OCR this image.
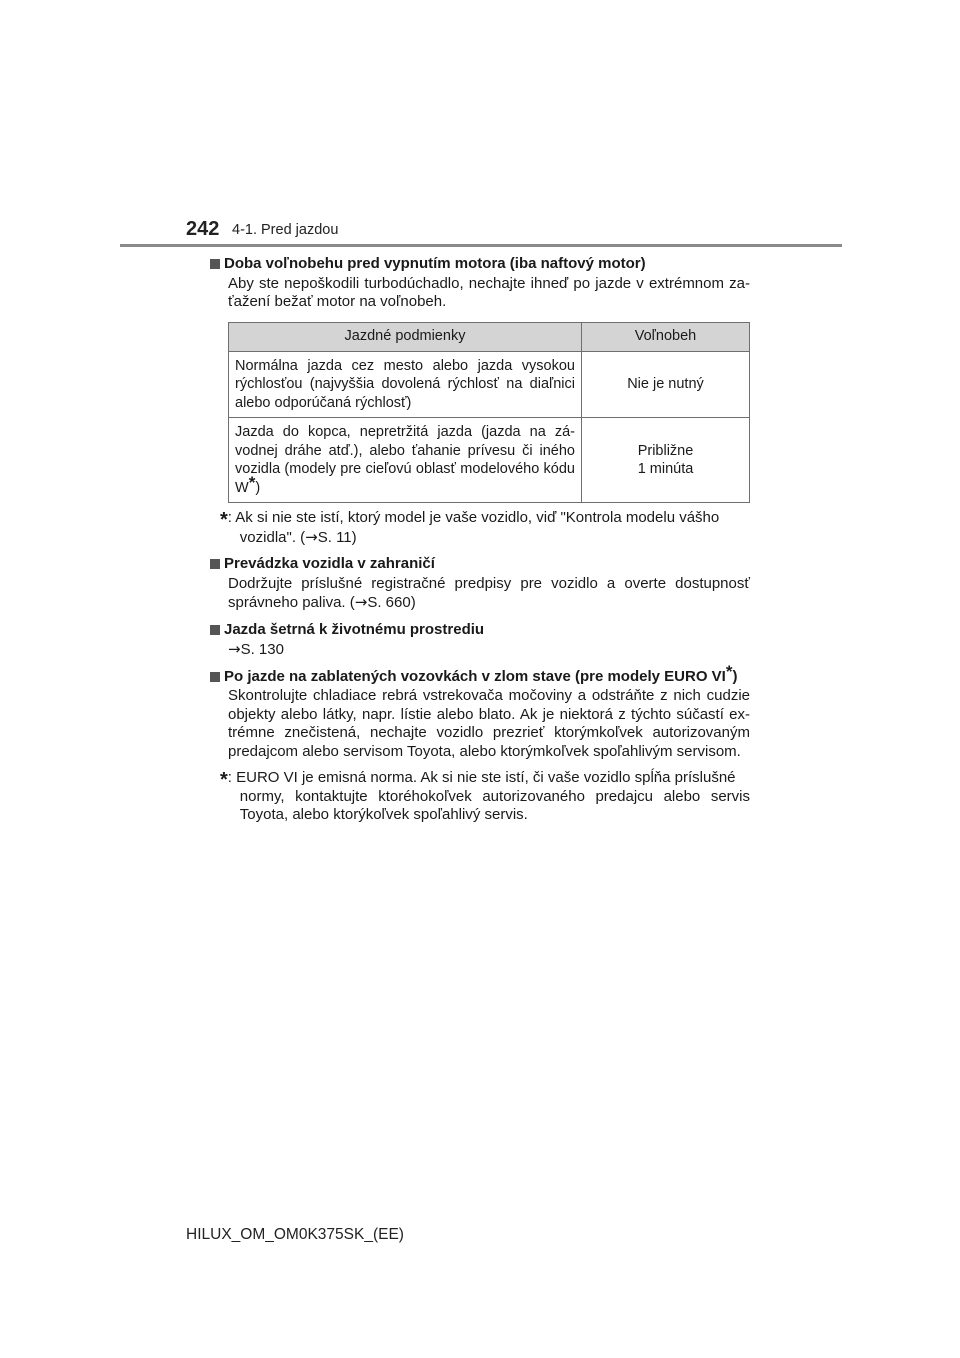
242 4-1. Pred jazdou
Doba voľnobehu pred vypnutím motora (iba naftový motor)
Aby ste nepoškodili turbodúchadlo, nechajte ihneď po jazde v extrémnom za-ťažení bežať motor na voľnobeh.
Jazdné podmienky	Voľnobeh
Normálna jazda cez mesto alebo jazda vysokou rýchlosťou (najvyššia dovolená rýchlosť na diaľnici alebo odporúčaná rýchlosť)	Nie je nutný
Jazda do kopca, nepretržitá jazda (jazda na zá-vodnej dráhe atď.), alebo ťahanie prívesu či iného vozidla (modely pre cieľovú oblasť modelového kódu W*)	Približne
1 minúta
* : Ak si nie ste istí, ktorý model je vaše vozidlo, viď "Kontrola modelu vášho
vozidla". (→S. 11)
Prevádzka vozidla v zahraničí
Dodržujte príslušné registračné predpisy pre vozidlo a overte dostupnosť správneho paliva. (→S. 660)
Jazda šetrná k životnému prostrediu
→S. 130
Po jazde na zablatených vozovkách v zlom stave (pre modely EURO VI*)
Skontrolujte chladiace rebrá vstrekovača močoviny a odstráňte z nich cudzie objekty alebo látky, napr. lístie alebo blato. Ak je niektorá z týchto súčastí ex-trémne znečistená, nechajte vozidlo prezrieť ktorýmkoľvek autorizovaným predajcom alebo servisom Toyota, alebo ktorýmkoľvek spoľahlivým servisom.
* : EURO VI je emisná norma. Ak si nie ste istí, či vaše vozidlo spĺňa príslušné
normy, kontaktujte ktoréhokoľvek autorizovaného predajcu alebo servis Toyota, alebo ktorýkoľvek spoľahlivý servis.
HILUX_OM_OM0K375SK_(EE)
